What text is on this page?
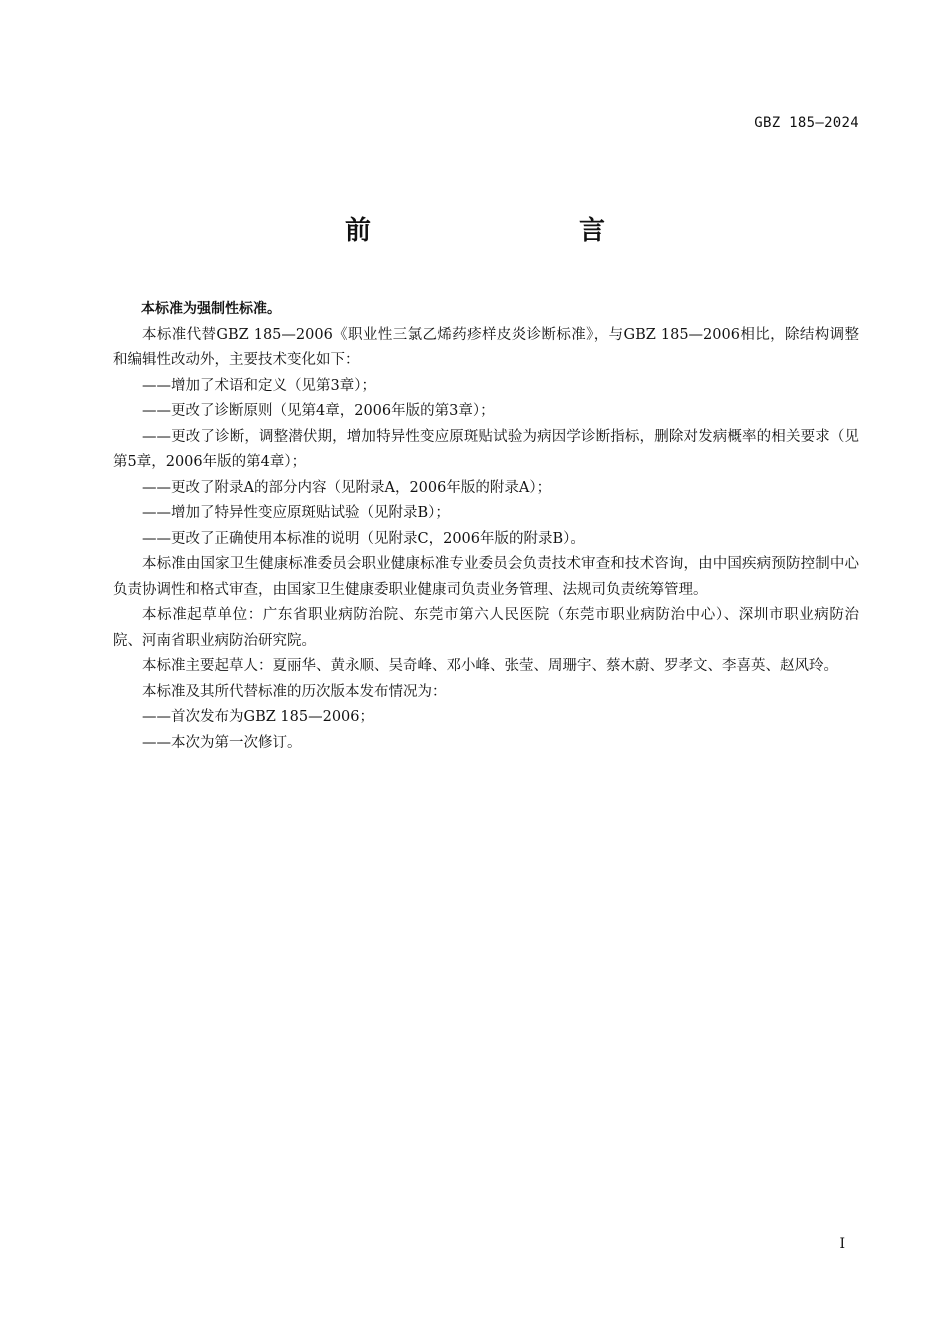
GBZ 185—2024
前　　言

本标准为强制性标准。

本标准代替GBZ 185—2006《职业性三氯乙烯药疹样皮炎诊断标准》，与GBZ 185—2006相比，除结构调整和编辑性改动外，主要技术变化如下：

——增加了术语和定义（见第3章）；

——更改了诊断原则（见第4章，2006年版的第3章）；

——更改了诊断，调整潜伏期，增加特异性变应原斑贴试验为病因学诊断指标，删除对发病概率的相关要求（见第5章，2006年版的第4章）；

——更改了附录A的部分内容（见附录A，2006年版的附录A）；

——增加了特异性变应原斑贴试验（见附录B）；

——更改了正确使用本标准的说明（见附录C，2006年版的附录B）。

本标准由国家卫生健康标准委员会职业健康标准专业委员会负责技术审查和技术咨询，由中国疾病预防控制中心负责协调性和格式审查，由国家卫生健康委职业健康司负责业务管理、法规司负责统筹管理。

本标准起草单位：广东省职业病防治院、东莞市第六人民医院（东莞市职业病防治中心）、深圳市职业病防治院、河南省职业病防治研究院。

本标准主要起草人：夏丽华、黄永顺、吴奇峰、邓小峰、张莹、周珊宇、蔡木蔚、罗孝文、李喜英、赵风玲。

本标准及其所代替标准的历次版本发布情况为：

——首次发布为GBZ 185—2006；

——本次为第一次修订。

I
